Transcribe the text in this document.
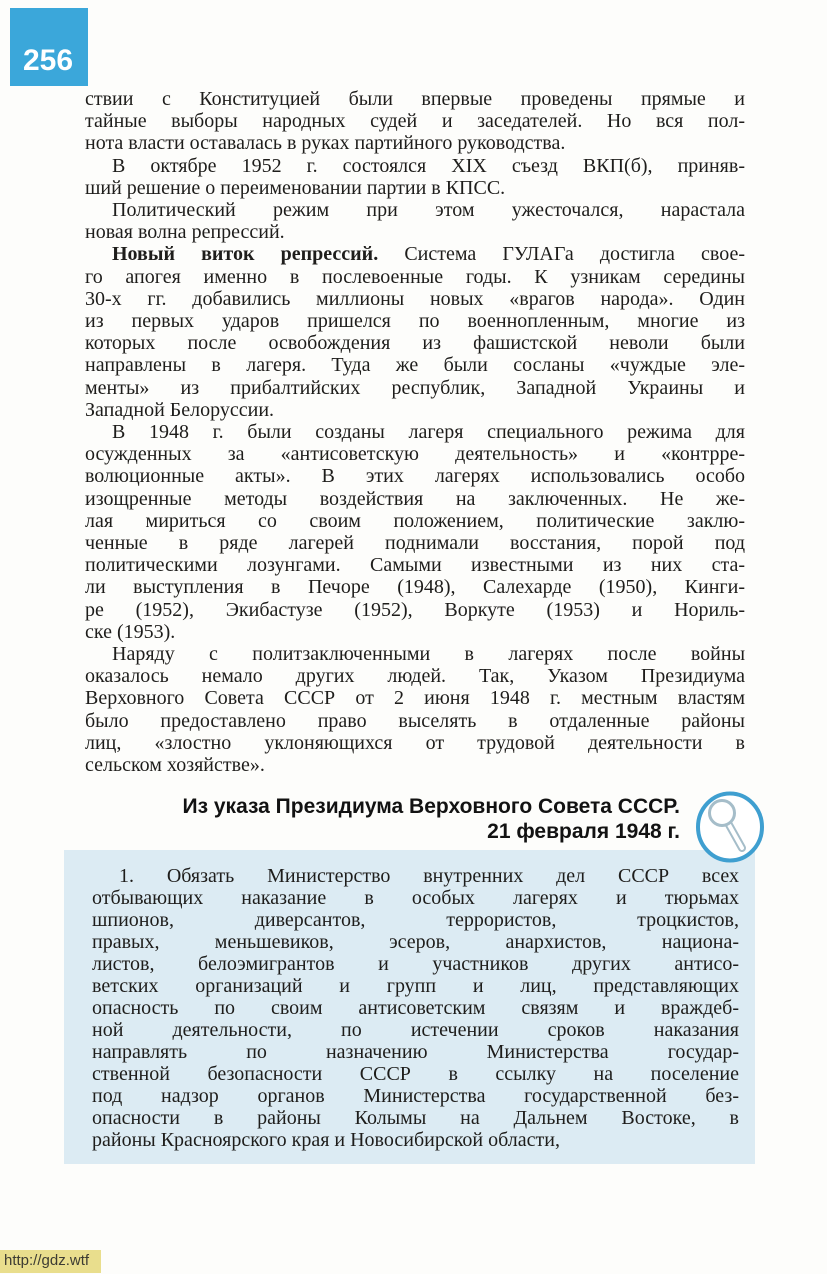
256
ствии с Конституцией были впервые проведены прямые и
тайные выборы народных судей и заседателей. Но вся пол-
нота власти оставалась в руках партийного руководства.
В октябре 1952 г. состоялся XIX съезд ВКП(б), приняв-
ший решение о переименовании партии в КПСС.
Политический режим при этом ужесточался, нарастала
новая волна репрессий.
Новый виток репрессий. Система ГУЛАГа достигла свое-
го апогея именно в послевоенные годы. К узникам середины
30-х гг. добавились миллионы новых «врагов народа». Один
из первых ударов пришелся по военнопленным, многие из
которых после освобождения из фашистской неволи были
направлены в лагеря. Туда же были сосланы «чуждые эле-
менты» из прибалтийских республик, Западной Украины и
Западной Белоруссии.
В 1948 г. были созданы лагеря специального режима для
осужденных за «антисоветскую деятельность» и «контрре-
волюционные акты». В этих лагерях использовались особо
изощренные методы воздействия на заключенных. Не же-
лая мириться со своим положением, политические заклю-
ченные в ряде лагерей поднимали восстания, порой под
политическими лозунгами. Самыми известными из них ста-
ли выступления в Печоре (1948), Салехарде (1950), Кинги-
ре (1952), Экибастузе (1952), Воркуте (1953) и Нориль-
ске (1953).
Наряду с политзаключенными в лагерях после войны
оказалось немало других людей. Так, Указом Президиума
Верховного Совета СССР от 2 июня 1948 г. местным властям
было предоставлено право выселять в отдаленные районы
лиц, «злостно уклоняющихся от трудовой деятельности в
сельском хозяйстве».
Из указа Президиума Верховного Совета СССР.
21 февраля 1948 г.
1. Обязать Министерство внутренних дел СССР всех
отбывающих наказание в особых лагерях и тюрьмах
шпионов, диверсантов, террористов, троцкистов,
правых, меньшевиков, эсеров, анархистов, национа-
листов, белоэмигрантов и участников других антисо-
ветских организаций и групп и лиц, представляющих
опасность по своим антисоветским связям и враждеб-
ной деятельности, по истечении сроков наказания
направлять по назначению Министерства государ-
ственной безопасности СССР в ссылку на поселение
под надзор органов Министерства государственной без-
опасности в районы Колымы на Дальнем Востоке, в
районы Красноярского края и Новосибирской области,
http://gdz.wtf
